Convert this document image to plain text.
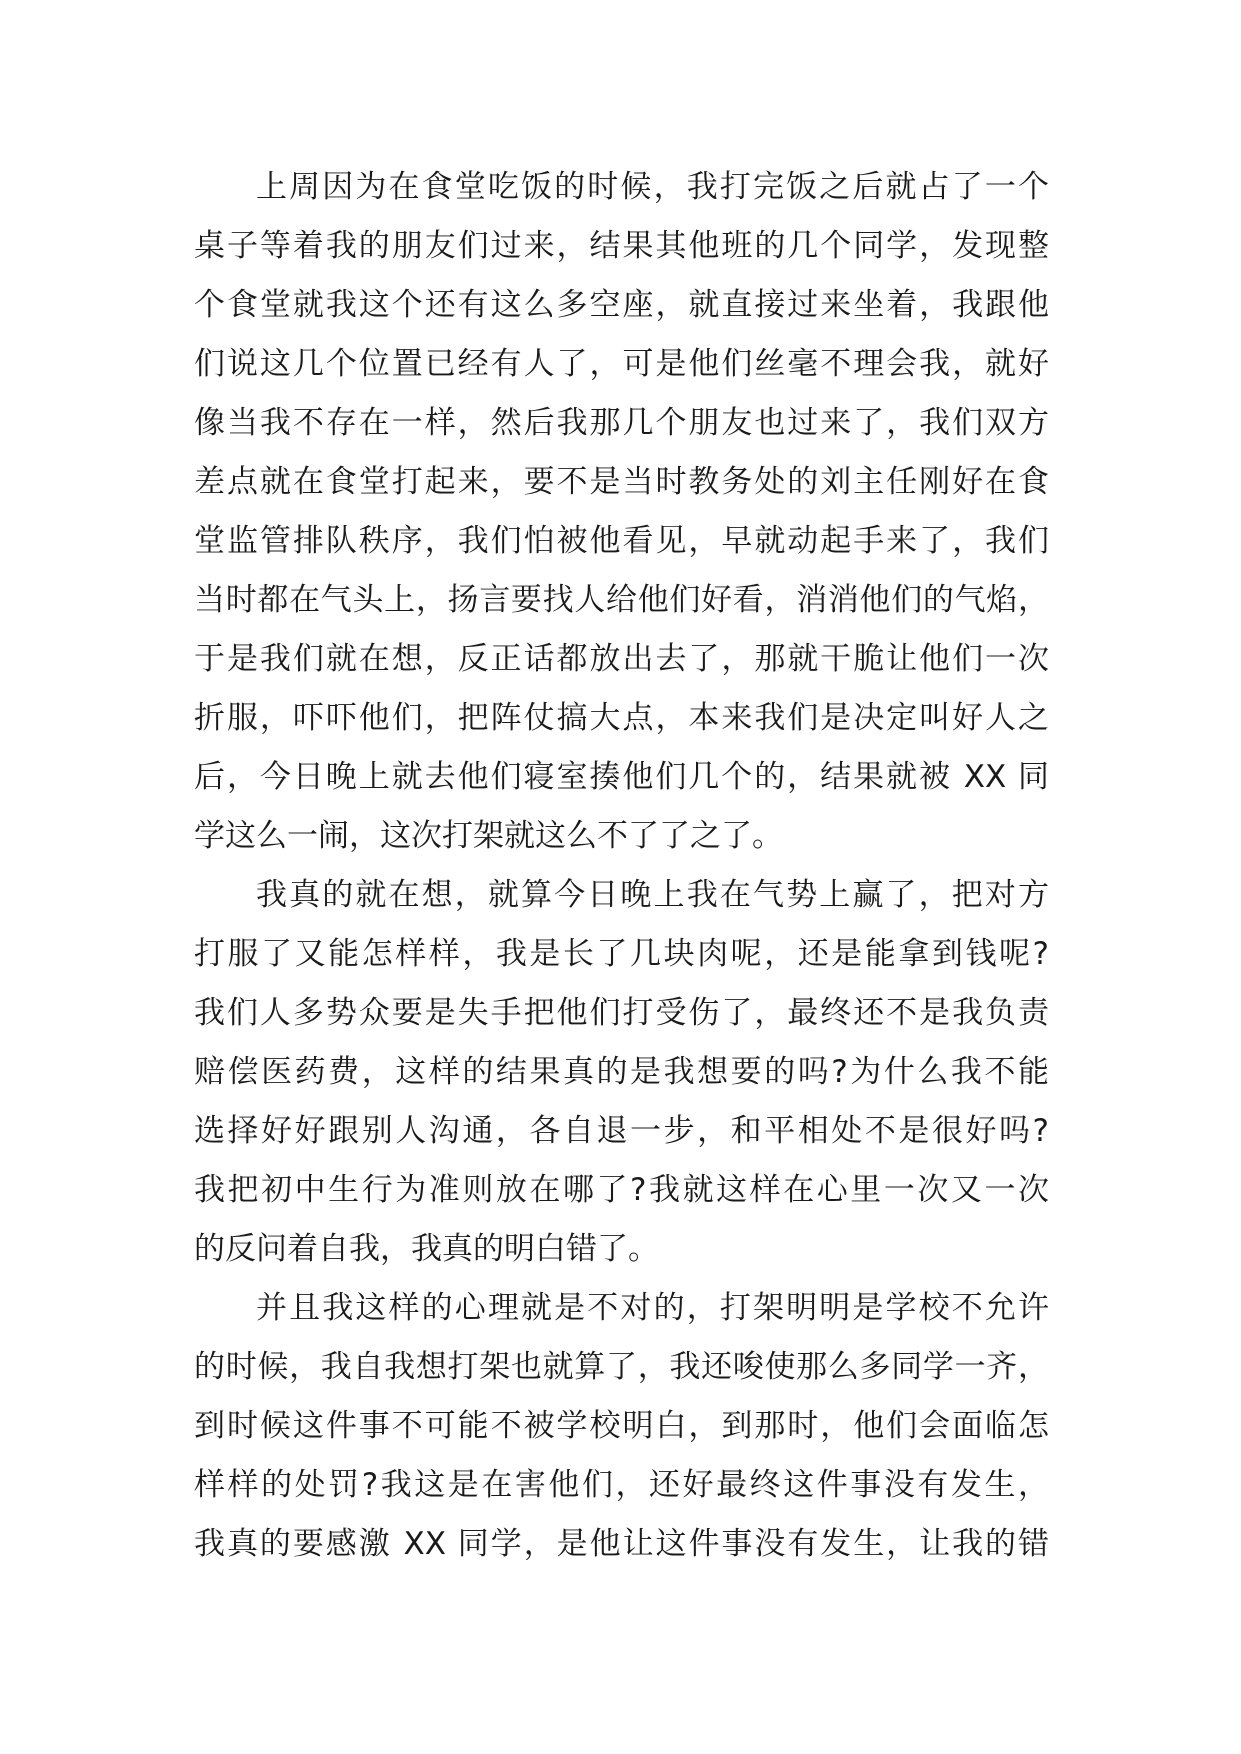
上周因为在食堂吃饭的时候，我打完饭之后就占了一个
桌子等着我的朋友们过来，结果其他班的几个同学，发现整
个食堂就我这个还有这么多空座，就直接过来坐着，我跟他
们说这几个位置已经有人了，可是他们丝毫不理会我，就好
像当我不存在一样，然后我那几个朋友也过来了，我们双方
差点就在食堂打起来，要不是当时教务处的刘主任刚好在食
堂监管排队秩序，我们怕被他看见，早就动起手来了，我们
当时都在气头上，扬言要找人给他们好看，消消他们的气焰，
于是我们就在想，反正话都放出去了，那就干脆让他们一次
折服，吓吓他们，把阵仗搞大点，本来我们是决定叫好人之
后，今日晚上就去他们寝室揍他们几个的，结果就被 XX 同
学这么一闹，这次打架就这么不了了之了。
我真的就在想，就算今日晚上我在气势上赢了，把对方
打服了又能怎样样，我是长了几块肉呢，还是能拿到钱呢?
我们人多势众要是失手把他们打受伤了，最终还不是我负责
赔偿医药费，这样的结果真的是我想要的吗?为什么我不能
选择好好跟别人沟通，各自退一步，和平相处不是很好吗?
我把初中生行为准则放在哪了?我就这样在心里一次又一次
的反问着自我，我真的明白错了。
并且我这样的心理就是不对的，打架明明是学校不允许
的时候，我自我想打架也就算了，我还唆使那么多同学一齐，
到时候这件事不可能不被学校明白，到那时，他们会面临怎
样样的处罚?我这是在害他们，还好最终这件事没有发生，
我真的要感激 XX 同学，是他让这件事没有发生，让我的错
